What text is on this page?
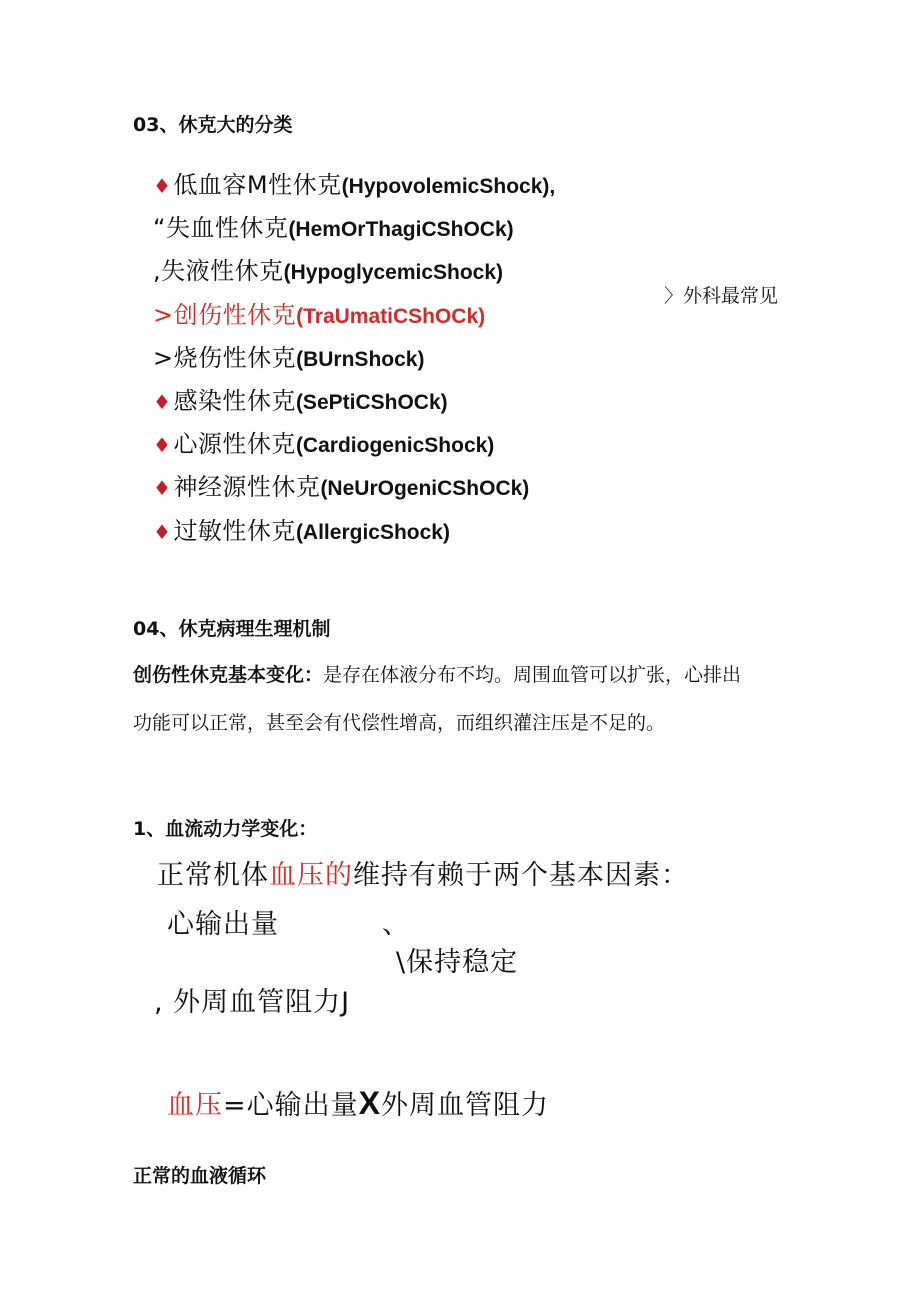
03、休克大的分类
♦低血容M性休克(HypovolemicShock),
“失血性休克(HemOrThagiCShOCk)
,失液性休克(HypoglycemicShock)
>创伤性休克(TraUmatiCShOCk)
>烧伤性休克(BUrnShock)
♦感染性休克(SePtiCShOCk)
♦心源性休克(CardiogenicShock)
♦神经源性休克(NeUrOgeniCShOCk)
♦过敏性休克(AllergicShock)
〉外科最常见
04、休克病理生理机制
创伤性休克基本变化：是存在体液分布不均。周围血管可以扩张，心排出
功能可以正常，甚至会有代偿性增高，而组织灌注压是不足的。
1、血流动力学变化：
正常机体血压的维持有赖于两个基本因素：
心输出量	、
\保持稳定
, 外周血管阻力J
血压=心输出量X外周血管阻力
正常的血液循环
